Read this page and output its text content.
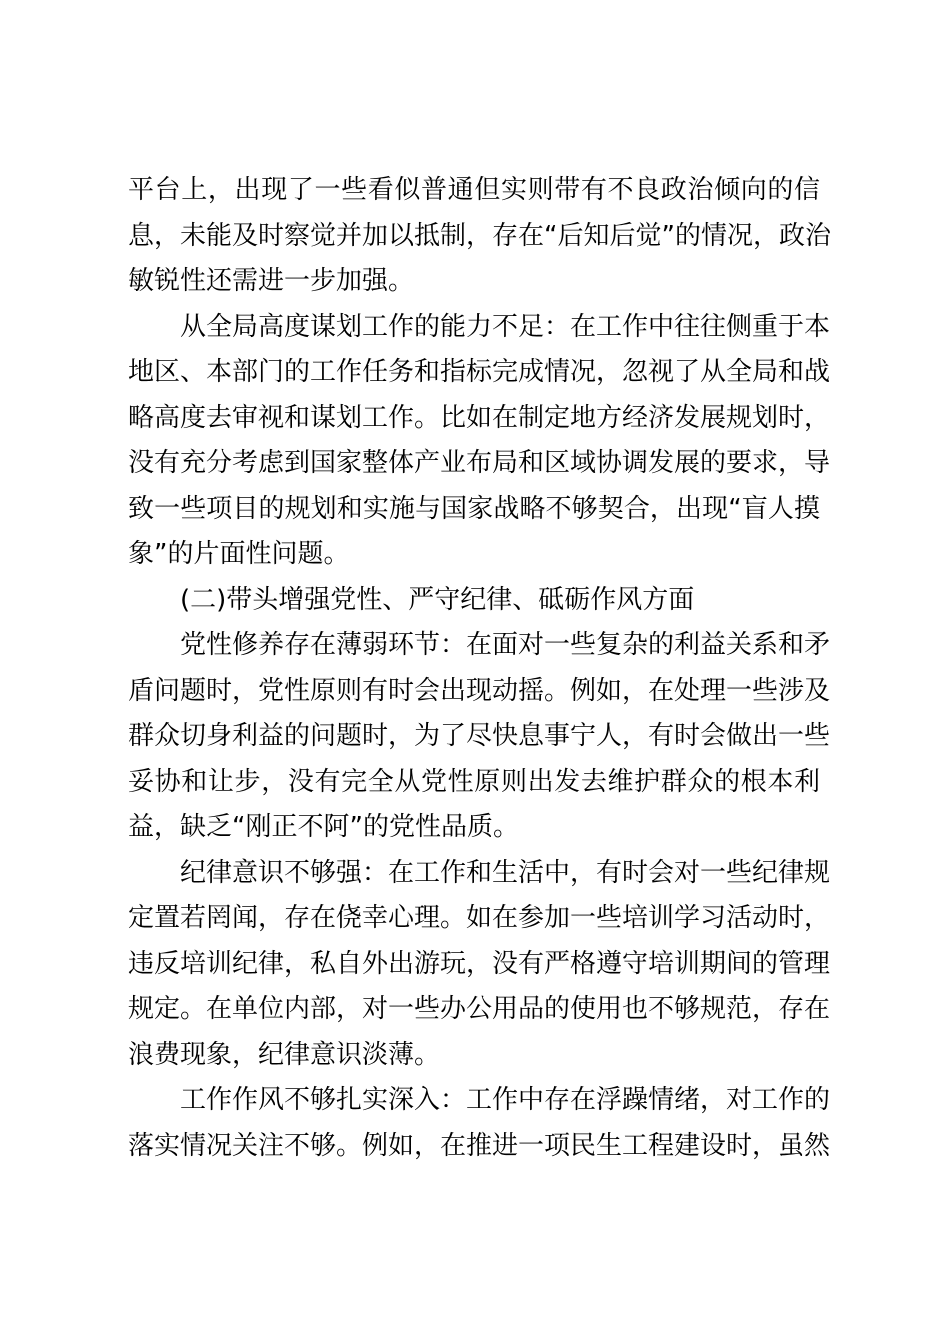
平台上，出现了一些看似普通但实则带有不良政治倾向的信
息，未能及时察觉并加以抵制，存在“后知后觉”的情况，政治
敏锐性还需进一步加强。
从全局高度谋划工作的能力不足：在工作中往往侧重于本
地区、本部门的工作任务和指标完成情况，忽视了从全局和战
略高度去审视和谋划工作。比如在制定地方经济发展规划时，
没有充分考虑到国家整体产业布局和区域协调发展的要求，导
致一些项目的规划和实施与国家战略不够契合，出现“盲人摸
象”的片面性问题。
(二)带头增强党性、严守纪律、砥砺作风方面
党性修养存在薄弱环节：在面对一些复杂的利益关系和矛
盾问题时，党性原则有时会出现动摇。例如，在处理一些涉及
群众切身利益的问题时，为了尽快息事宁人，有时会做出一些
妥协和让步，没有完全从党性原则出发去维护群众的根本利
益，缺乏“刚正不阿”的党性品质。
纪律意识不够强：在工作和生活中，有时会对一些纪律规
定置若罔闻，存在侥幸心理。如在参加一些培训学习活动时，
违反培训纪律，私自外出游玩，没有严格遵守培训期间的管理
规定。在单位内部，对一些办公用品的使用也不够规范，存在
浪费现象，纪律意识淡薄。
工作作风不够扎实深入：工作中存在浮躁情绪，对工作的
落实情况关注不够。例如，在推进一项民生工程建设时，虽然
